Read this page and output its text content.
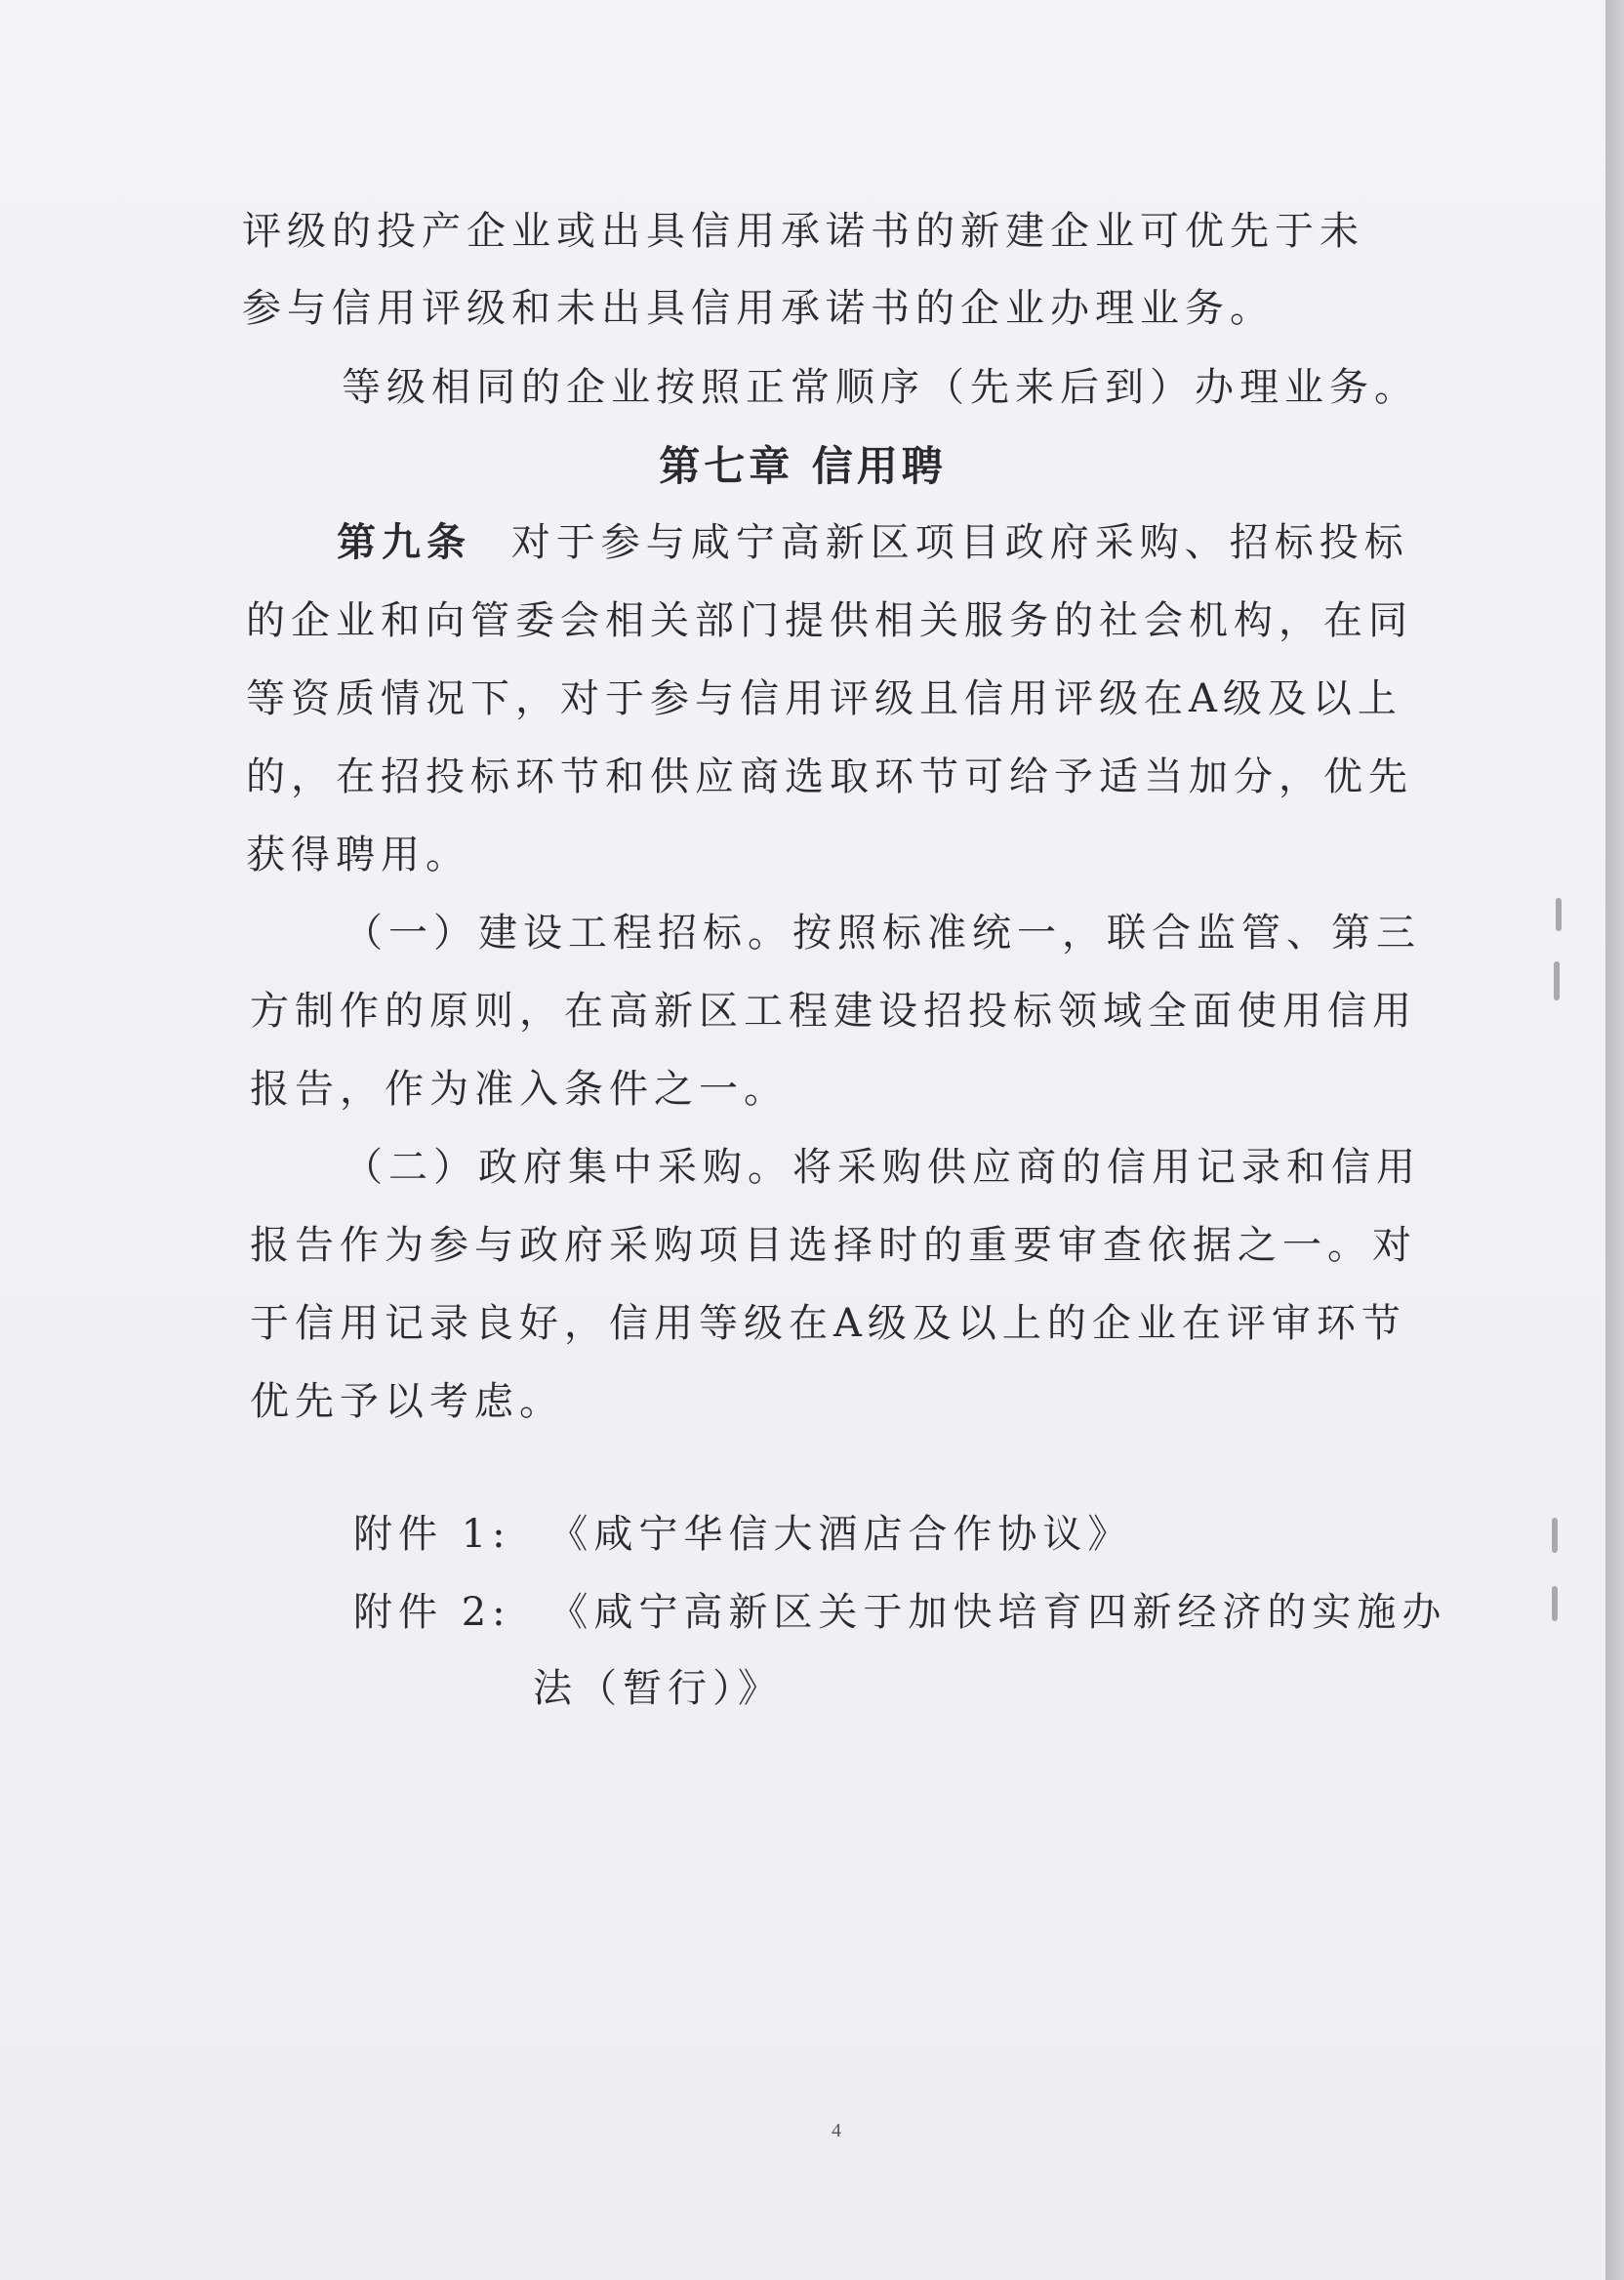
评级的投产企业或出具信用承诺书的新建企业可优先于未
参与信用评级和未出具信用承诺书的企业办理业务。
等级相同的企业按照正常顺序（先来后到）办理业务。
第七章 信用聘
第九条 对于参与咸宁高新区项目政府采购、招标投标
的企业和向管委会相关部门提供相关服务的社会机构，在同
等资质情况下，对于参与信用评级且信用评级在A级及以上
的，在招投标环节和供应商选取环节可给予适当加分，优先
获得聘用。
（一）建设工程招标。按照标准统一，联合监管、第三
方制作的原则，在高新区工程建设招投标领域全面使用信用
报告，作为准入条件之一。
（二）政府集中采购。将采购供应商的信用记录和信用
报告作为参与政府采购项目选择时的重要审查依据之一。对
于信用记录良好，信用等级在A级及以上的企业在评审环节
优先予以考虑。
附件 1: 《咸宁华信大酒店合作协议》
附件 2: 《咸宁高新区关于加快培育四新经济的实施办
法（暂行）》
4
